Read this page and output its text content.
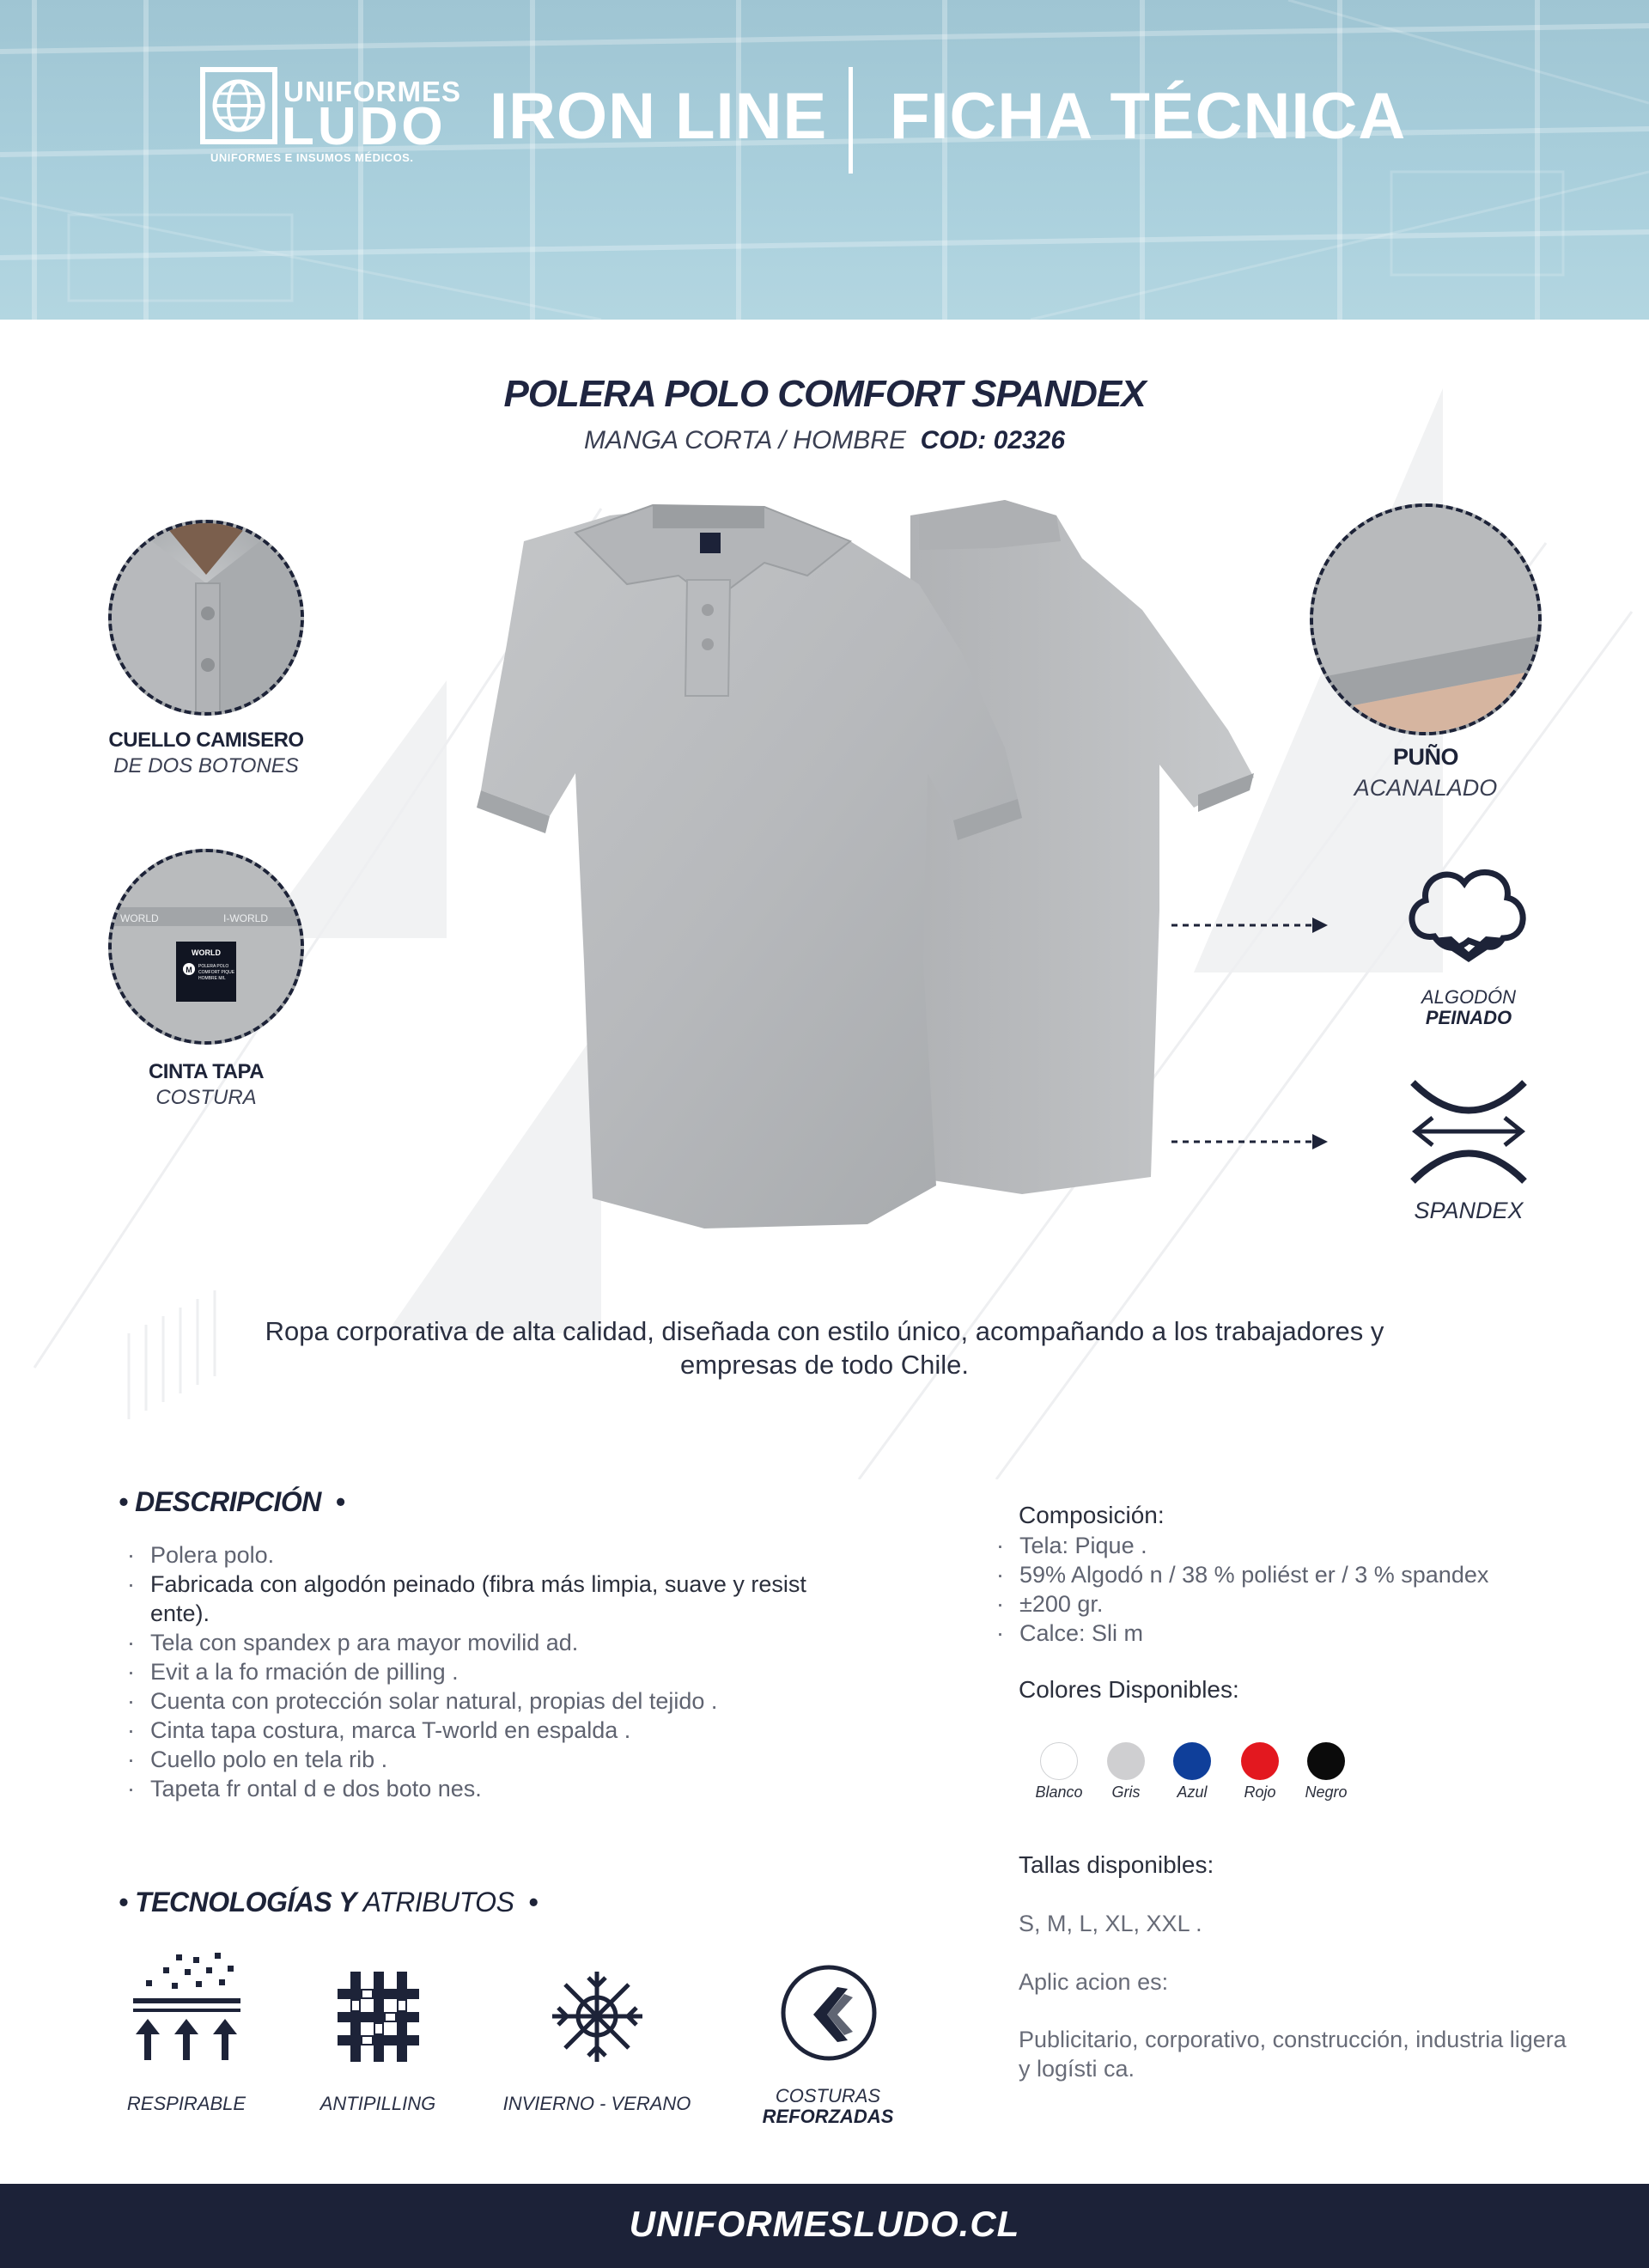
UNIFORMES
LUDO
UNIFORMES E INSUMOS MÉDICOS.
IRON LINE FICHA TÉCNICA
POLERA POLO COMFORT SPANDEX
MANGA CORTA / HOMBRE COD: 02326
CUELLO CAMISERO
DE DOS BOTONES
WORLD	I-WORLD
WORLD
M POLERA POLO
COMFORT PIQUE
HOMBRE M/L
CINTA TAPA
COSTURA
PUÑO
ACANALADO
ALGODÓN
PEINADO
SPANDEX
Ropa corporativa de alta calidad, diseñada con estilo único, acompañando a los trabajadores y empresas de todo Chile.
• DESCRIPCIÓN  •
· Polera polo.
· Fabricada con algodón peinado (fibra más limpia, suave y resist ente).
· Tela con spandex p ara mayor movilid ad.
· Evit a la fo rmación de pilling .
· Cuenta con protección solar natural, propias del tejido .
· Cinta tapa costura, marca T-world en espalda .
· Cuello polo en tela rib .
· Tapeta fr ontal d e dos boto nes.
Composición:
· Tela: Pique .
· 59% Algodó n / 38 % poliést er / 3 % spandex
· ±200 gr.
· Calce: Sli m
Colores Disponibles:
Blanco	Gris	Azul	Rojo	Negro
Tallas disponibles:
S, M, L, XL, XXL .
Aplic acion es:
Publicitario, corporativo, construcción, industria ligera y logísti ca.
• TECNOLOGÍAS Y ATRIBUTOS  •
RESPIRABLE	ANTIPILLING	INVIERNO - VERANO	COSTURAS
REFORZADAS
UNIFORMESLUDO.CL
